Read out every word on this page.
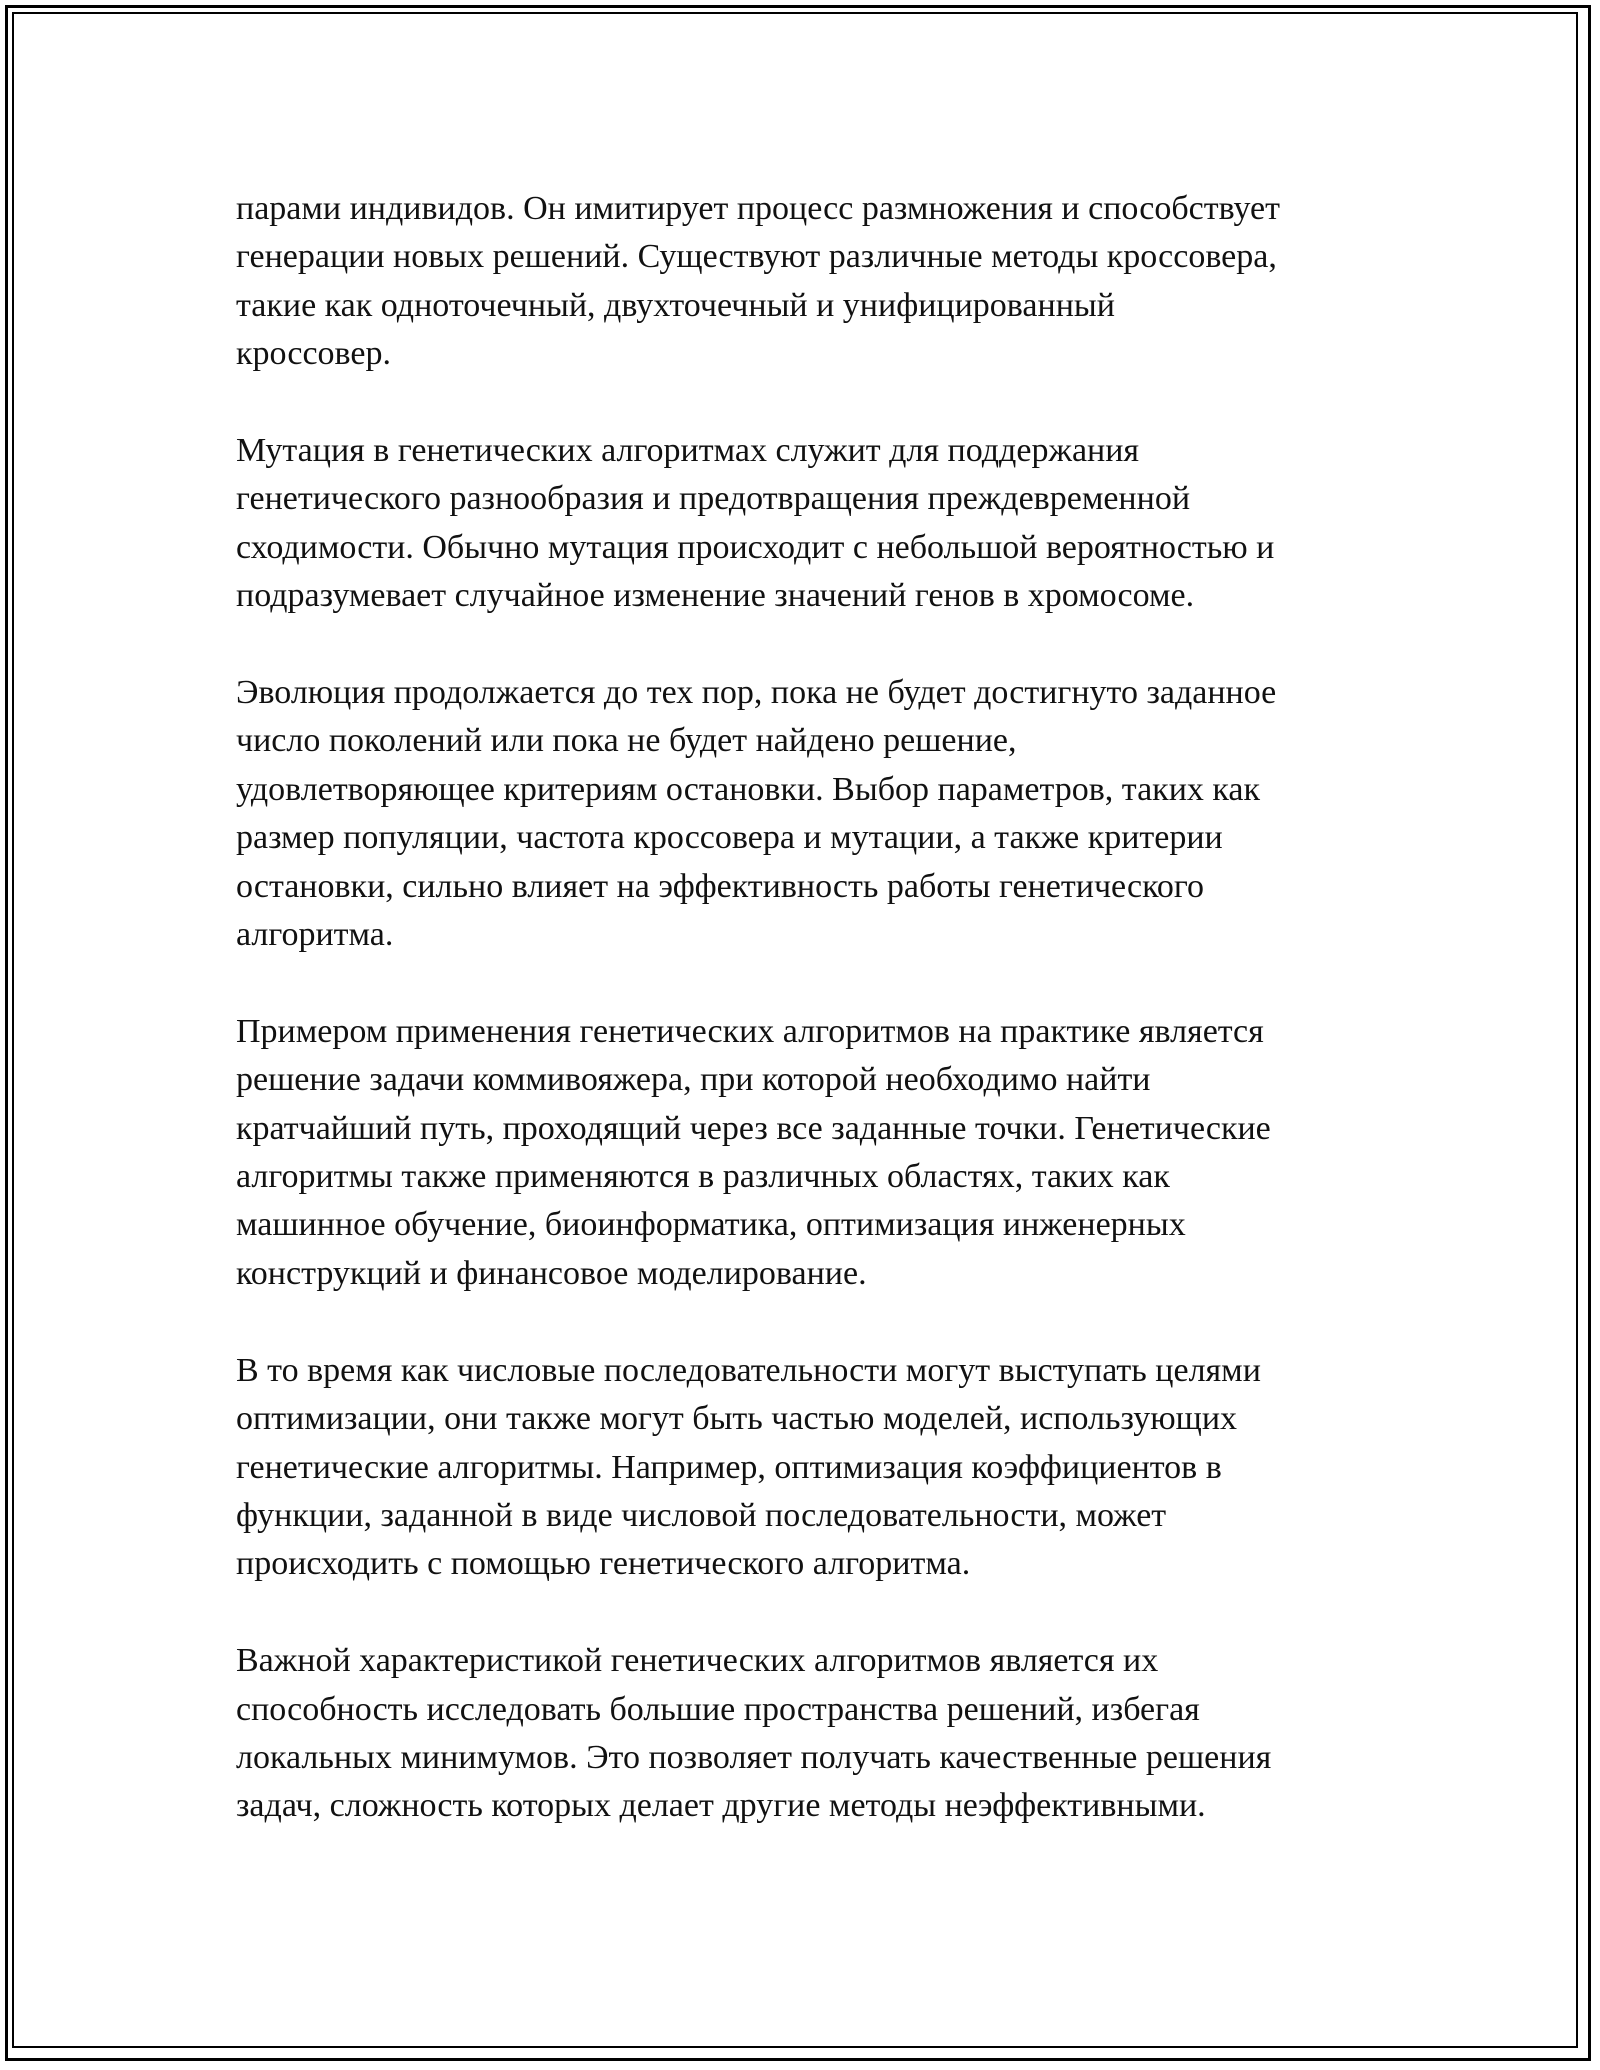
парами индивидов. Он имитирует процесс размножения и способствует
генерации новых решений. Существуют различные методы кроссовера,
такие как одноточечный, двухточечный и унифицированный
кроссовер.

Мутация в генетических алгоритмах служит для поддержания
генетического разнообразия и предотвращения преждевременной
сходимости. Обычно мутация происходит с небольшой вероятностью и
подразумевает случайное изменение значений генов в хромосоме.

Эволюция продолжается до тех пор, пока не будет достигнуто заданное
число поколений или пока не будет найдено решение,
удовлетворяющее критериям остановки. Выбор параметров, таких как
размер популяции, частота кроссовера и мутации, а также критерии
остановки, сильно влияет на эффективность работы генетического
алгоритма.

Примером применения генетических алгоритмов на практике является
решение задачи коммивояжера, при которой необходимо найти
кратчайший путь, проходящий через все заданные точки. Генетические
алгоритмы также применяются в различных областях, таких как
машинное обучение, биоинформатика, оптимизация инженерных
конструкций и финансовое моделирование.

В то время как числовые последовательности могут выступать целями
оптимизации, они также могут быть частью моделей, использующих
генетические алгоритмы. Например, оптимизация коэффициентов в
функции, заданной в виде числовой последовательности, может
происходить с помощью генетического алгоритма.

Важной характеристикой генетических алгоритмов является их
способность исследовать большие пространства решений, избегая
локальных минимумов. Это позволяет получать качественные решения
задач, сложность которых делает другие методы неэффективными.
